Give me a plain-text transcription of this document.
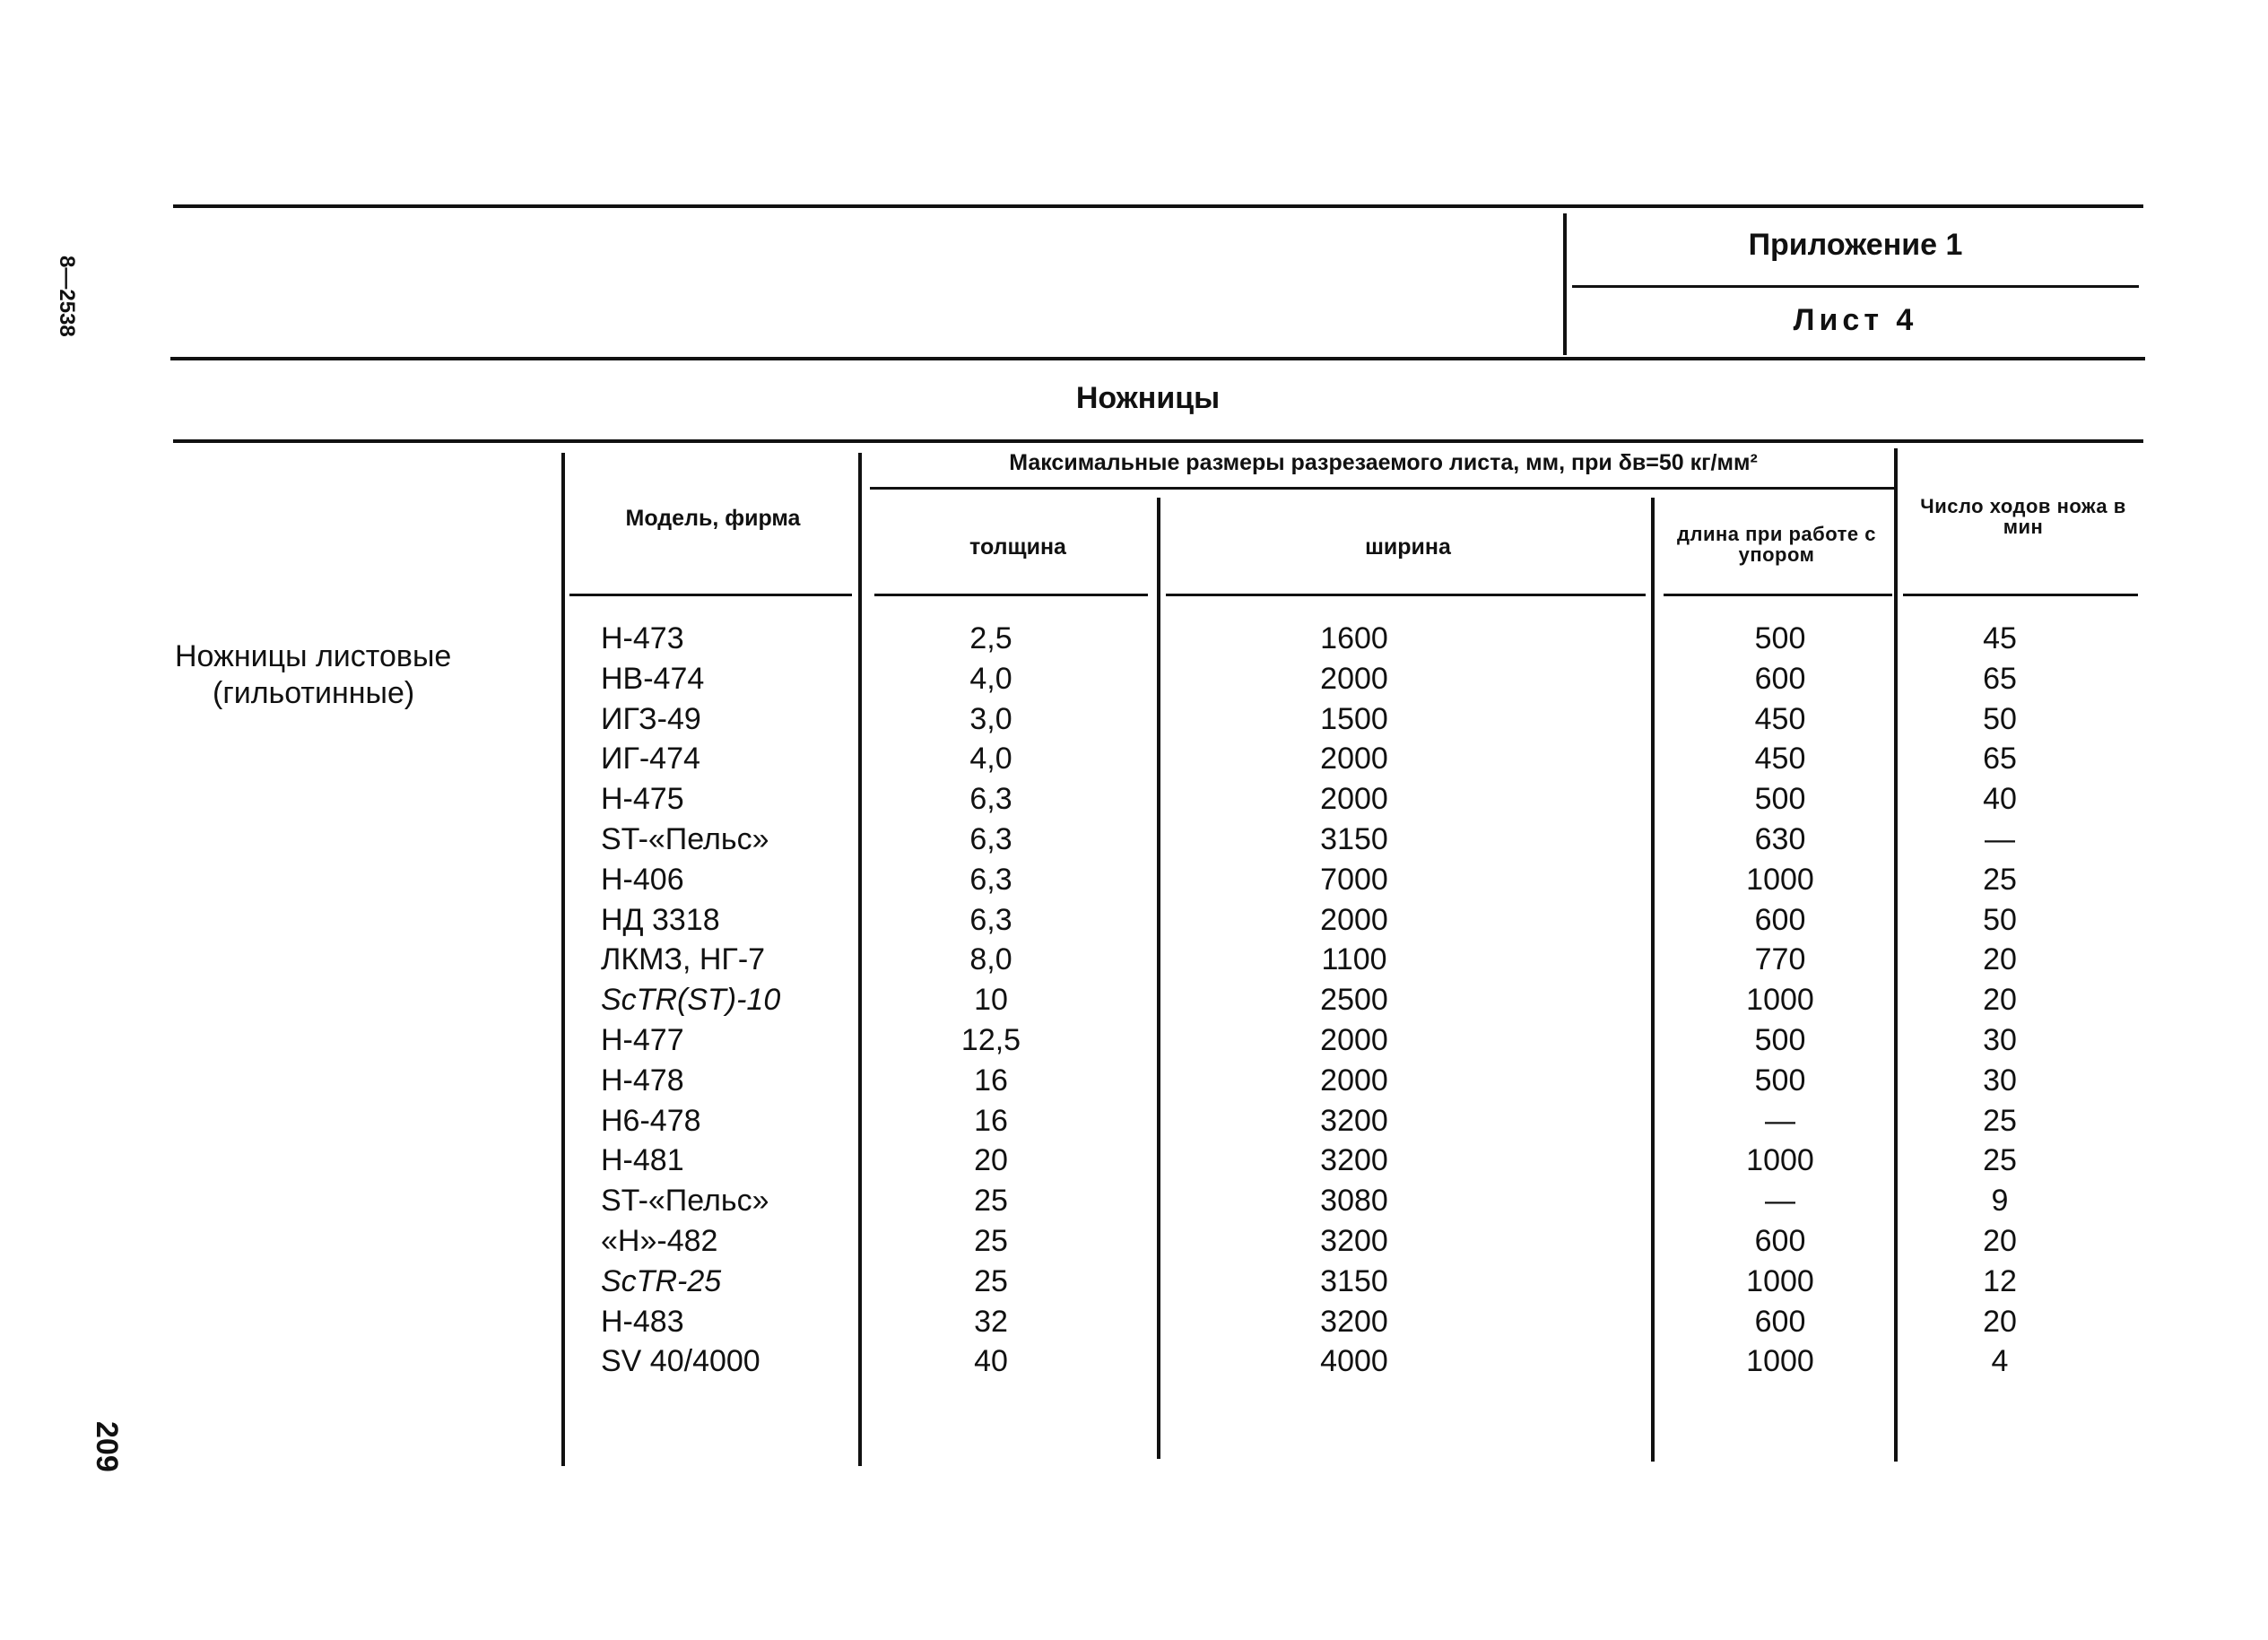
8—2538
209
Приложение 1
Лист 4
Ножницы
Модель, фирма
Максимальные размеры разрезаемого листа, мм, при δв=50 кг/мм²
толщина	ширина
длина при работе с упором
Число ходов ножа в мин
Ножницы листовые
(гильотинные)
Н-473	2,5	1600	500	45
НВ-474	4,0	2000	600	65
ИГЗ-49	3,0	1500	450	50
ИГ-474	4,0	2000	450	65
Н-475	6,3	2000	500	40
ST-«Пельс»	6,3	3150	630	—
Н-406	6,3	7000	1000	25
НД 3318	6,3	2000	600	50
ЛКМЗ, НГ-7	8,0	1100	770	20
ScTR(ST)-10	10	2500	1000	20
Н-477	12,5	2000	500	30
Н-478	16	2000	500	30
Н6-478	16	3200	—	25
Н-481	20	3200	1000	25
ST-«Пельс»	25	3080	—	9
«Н»-482	25	3200	600	20
ScTR-25	25	3150	1000	12
Н-483	32	3200	600	20
SV 40/4000	40	4000	1000	4
